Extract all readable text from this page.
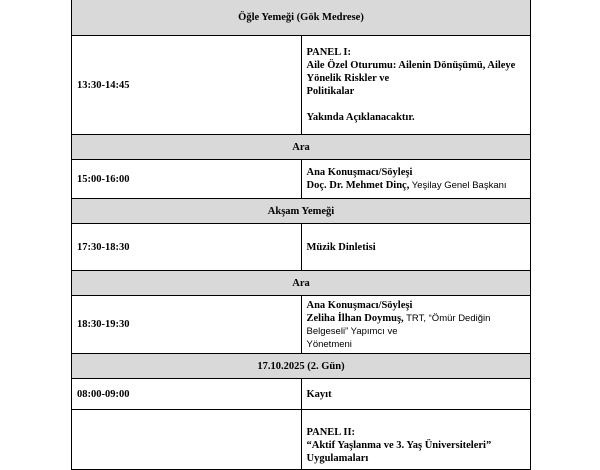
Öğle Yemeği (Gök Medrese)	
13:30-14:45	PANEL I:
Aile Özel Oturumu: Ailenin Dönüşümü, Aileye Yönelik Riskler ve
Politikalar
Yakında Açıklanacaktır.

Ara	
15:00-16:00	Ana Konuşmacı/Söyleşi
Doç. Dr. Mehmet Dinç, Yeşilay Genel Başkanı

Akşam Yemeği	
17:30-18:30	Müzik Dinletisi
Ara	
18:30-19:30	Ana Konuşmacı/Söyleşi
Zeliha İlhan Doymuş, TRT, “Ömür Dediğin Belgeseli” Yapımcı ve
Yönetmeni

17.10.2025 (2. Gün)	
08:00-09:00	Kayıt

	PANEL II:
“Aktif Yaşlanma ve 3. Yaş Üniversiteleri” Uygulamaları
